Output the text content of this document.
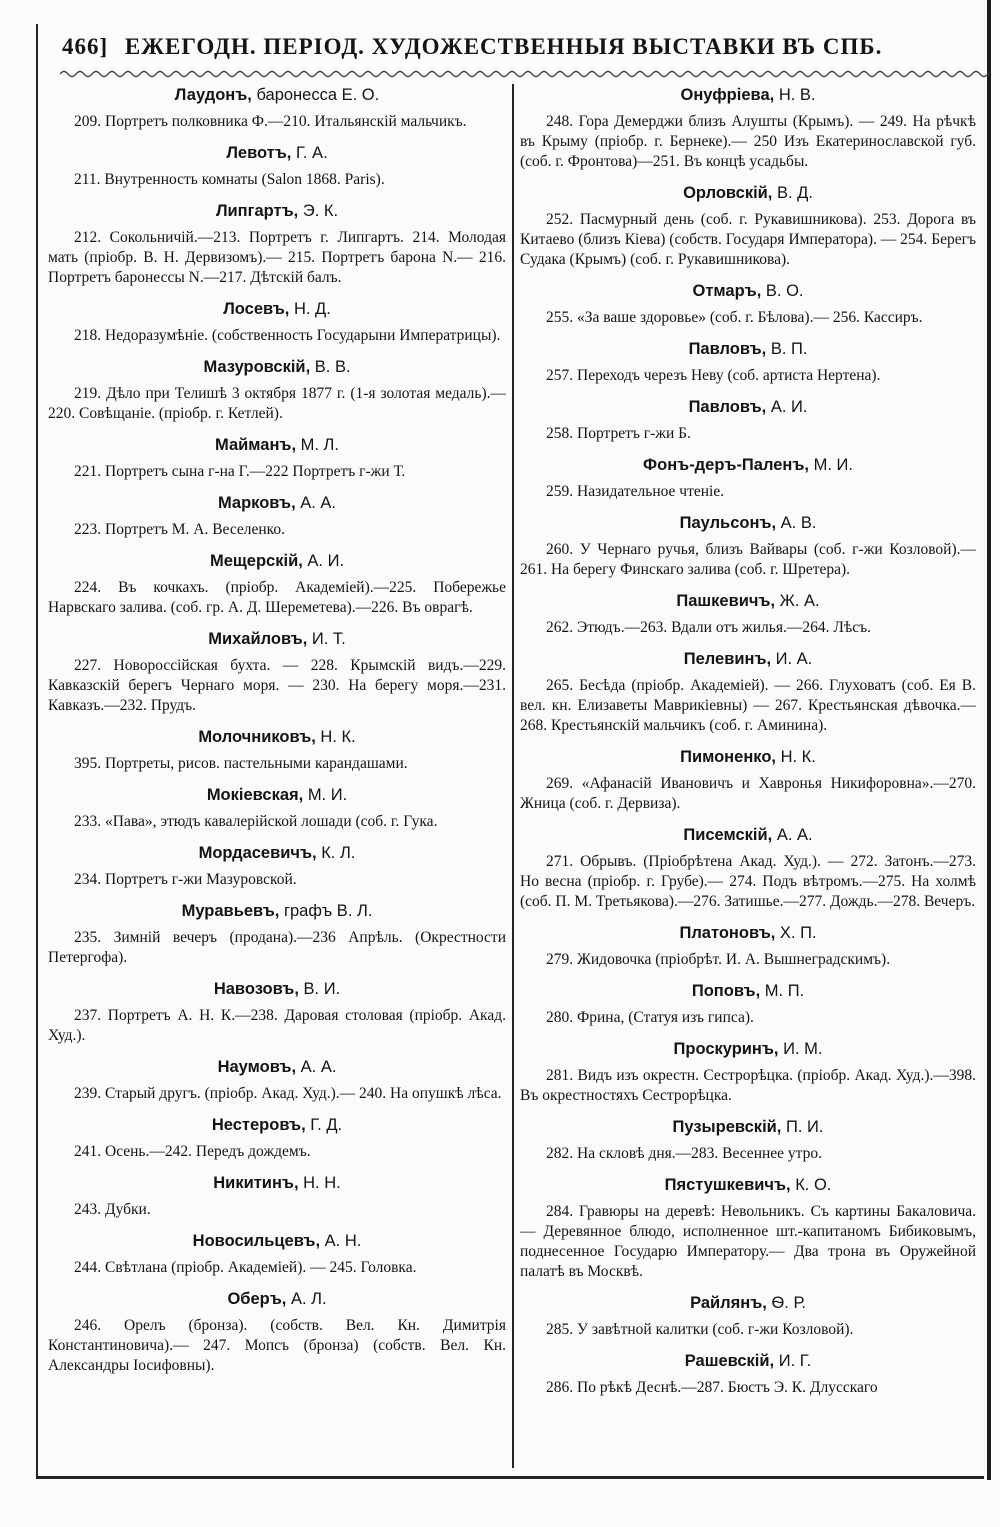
466] ЕЖЕГОДН. ПЕРІОД. ХУДОЖЕСТВЕННЫЯ ВЫСТАВКИ ВЪ СПБ.
Лаудонъ, баронесса Е. О.

209. Портретъ полковника Ф.—210. Итальянскій мальчикъ.

Левотъ, Г. А.

211. Внутренность комнаты (Salon 1868. Paris).

Липгартъ, Э. К.

212. Сокольничій.—213. Портретъ г. Липгартъ. 214. Молодая мать (пріобр. В. Н. Дервизомъ).— 215. Портретъ барона N.— 216. Портретъ баронессы N.—217. Дѣтскій балъ.

Лосевъ, Н. Д.

218. Недоразумѣніе. (собственность Государыни Императрицы).

Мазуровскій, В. В.

219. Дѣло при Телишѣ 3 октября 1877 г. (1-я золотая медаль).—220. Совѣщаніе. (пріобр. г. Кетлей).

Майманъ, М. Л.

221. Портретъ сына г-на Г.—222 Портретъ г-жи Т.

Марковъ, А. А.

223. Портретъ М. А. Веселенко.

Мещерскій, А. И.

224. Въ кочкахъ. (пріобр. Академіей).—225. Побережье Нарвскаго залива. (соб. гр. А. Д. Шереметева).—226. Въ оврагѣ.

Михайловъ, И. Т.

227. Новороссійская бухта. — 228. Крымскій видъ.—229. Кавказскій берегъ Чернаго моря. — 230. На берегу моря.—231. Кавказъ.—232. Прудъ.

Молочниковъ, Н. К.

395. Портреты, рисов. пастельными карандашами.

Мокіевская, М. И.

233. «Пава», этюдъ кавалерійской лошади (соб. г. Гука.

Мордасевичъ, К. Л.

234. Портретъ г-жи Мазуровской.

Муравьевъ, графъ В. Л.

235. Зимній вечеръ (продана).—236 Апрѣль. (Окрестности Петергофа).

Навозовъ, В. И.

237. Портретъ А. Н. К.—238. Даровая столовая (пріобр. Акад. Худ.).

Наумовъ, А. А.

239. Старый другъ. (пріобр. Акад. Худ.).— 240. На опушкѣ лѣса.

Нестеровъ, Г. Д.

241. Осень.—242. Передъ дождемъ.

Никитинъ, Н. Н.

243. Дубки.

Новосильцевъ, А. Н.

244. Свѣтлана (пріобр. Академіей). — 245. Головка.

Оберъ, А. Л.

246. Орелъ (бронза). (собств. Вел. Кн. Димитрія Константиновича).— 247. Мопсъ (бронза) (собств. Вел. Кн. Александры Іосифовны).

Онуфріева, Н. В.

248. Гора Демерджи близъ Алушты (Крымъ). — 249. На рѣчкѣ въ Крыму (пріобр. г. Бернеке).— 250 Изъ Екатеринославской губ. (соб. г. Фронтова)—251. Въ концѣ усадьбы.

Орловскій, В. Д.

252. Пасмурный день (соб. г. Рукавишникова). 253. Дорога въ Китаево (близъ Кіева) (собств. Государя Императора). — 254. Берегъ Судака (Крымъ) (соб. г. Рукавишникова).

Отмаръ, В. О.

255. «За ваше здоровье» (соб. г. Бѣлова).— 256. Кассиръ.

Павловъ, В. П.

257. Переходъ черезъ Неву (соб. артиста Нертена).

Павловъ, А. И.

258. Портретъ г-жи Б.

Фонъ-деръ-Паленъ, М. И.

259. Назидательное чтеніе.

Паульсонъ, А. В.

260. У Чернаго ручья, близъ Вайвары (соб. г-жи Козловой).—261. На берегу Финскаго залива (соб. г. Шретера).

Пашкевичъ, Ж. А.

262. Этюдъ.—263. Вдали отъ жилья.—264. Лѣсъ.

Пелевинъ, И. А.

265. Бесѣда (пріобр. Академіей). — 266. Глуховатъ (соб. Ея В. вел. кн. Елизаветы Маврикіевны) — 267. Крестьянская дѣвочка.—268. Крестьянскій мальчикъ (соб. г. Аминина).

Пимоненко, Н. К.

269. «Афанасій Ивановичъ и Хавронья Никифоровна».—270. Жница (соб. г. Дервиза).

Писемскій, А. А.

271. Обрывъ. (Пріобрѣтена Акад. Худ.). — 272. Затонъ.—273. Но весна (пріобр. г. Грубе).— 274. Подъ вѣтромъ.—275. На холмѣ (соб. П. М. Третьякова).—276. Затишье.—277. Дождь.—278. Вечеръ.

Платоновъ, Х. П.

279. Жидовочка (пріобрѣт. И. А. Вышнеградскимъ).

Поповъ, М. П.

280. Фрина, (Статуя изъ гипса).

Проскуринъ, И. М.

281. Видъ изъ окрестн. Сестрорѣцка. (пріобр. Акад. Худ.).—398. Въ окрестностяхъ Сестрорѣцка.

Пузыревскій, П. И.

282. На скловѣ дня.—283. Весеннее утро.

Пястушкевичъ, К. О.

284. Гравюры на деревѣ: Невольникъ. Съ картины Бакаловича. — Деревянное блюдо, исполненное шт.-капитаномъ Бибиковымъ, поднесенное Государю Императору.— Два трона въ Оружейной палатѣ въ Москвѣ.

Райлянъ, Ѳ. Р.

285. У завѣтной калитки (соб. г-жи Козловой).

Рашевскій, И. Г.

286. По рѣкѣ Деснѣ.—287. Бюстъ Э. К. Длусскаго
